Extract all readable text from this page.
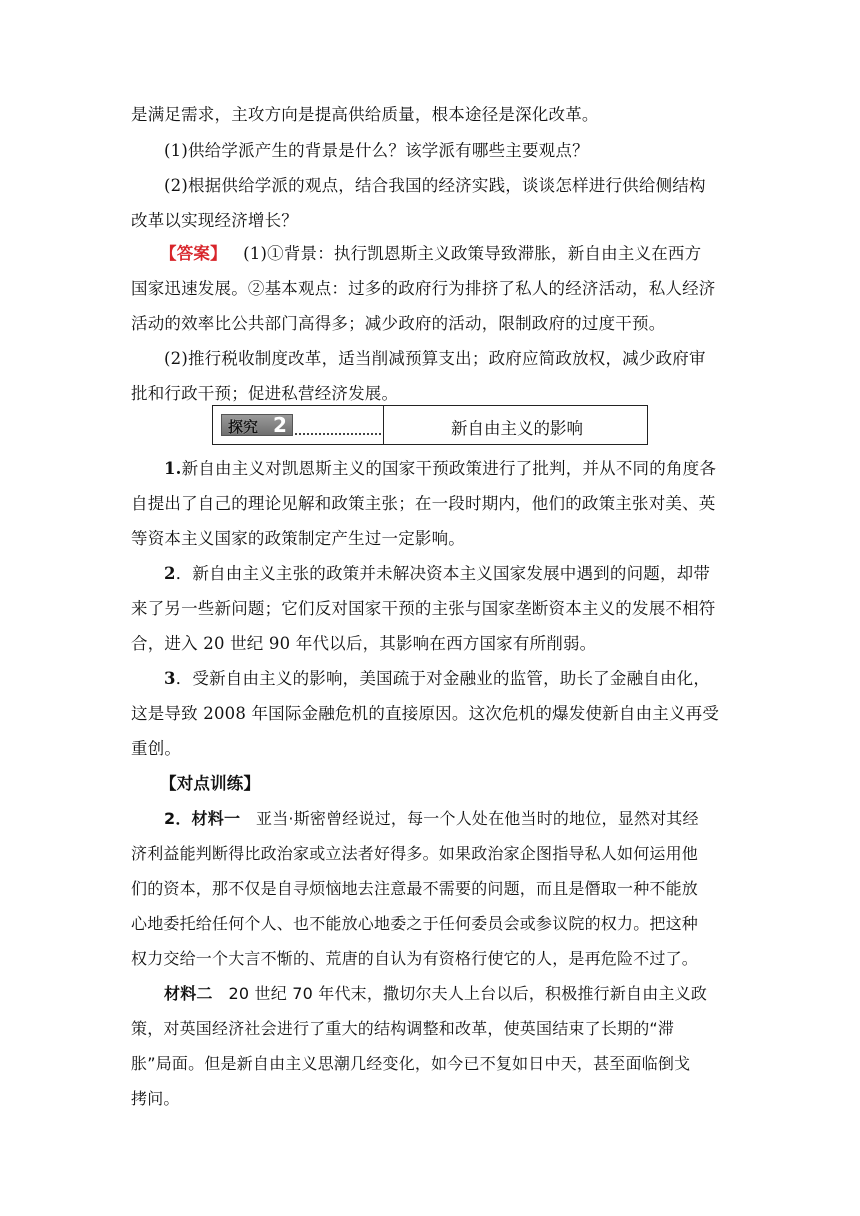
是满足需求，主攻方向是提高供给质量，根本途径是深化改革。
(1)供给学派产生的背景是什么？该学派有哪些主要观点？
(2)根据供给学派的观点，结合我国的经济实践，谈谈怎样进行供给侧结构
改革以实现经济增长？
【答案】 (1)①背景：执行凯恩斯主义政策导致滞胀，新自由主义在西方
国家迅速发展。②基本观点：过多的政府行为排挤了私人的经济活动，私人经济
活动的效率比公共部门高得多；减少政府的活动，限制政府的过度干预。
(2)推行税收制度改革，适当削减预算支出；政府应简政放权，减少政府审
批和行政干预；促进私营经济发展。
探究 2	新自由主义的影响
1.新自由主义对凯恩斯主义的国家干预政策进行了批判，并从不同的角度各
自提出了自己的理论见解和政策主张；在一段时期内，他们的政策主张对美、英
等资本主义国家的政策制定产生过一定影响。
2．新自由主义主张的政策并未解决资本主义国家发展中遇到的问题，却带
来了另一些新问题；它们反对国家干预的主张与国家垄断资本主义的发展不相符
合，进入 20 世纪 90 年代以后，其影响在西方国家有所削弱。
3．受新自由主义的影响，美国疏于对金融业的监管，助长了金融自由化，
这是导致 2008 年国际金融危机的直接原因。这次危机的爆发使新自由主义再受
重创。
【对点训练】
2．材料一 亚当·斯密曾经说过，每一个人处在他当时的地位，显然对其经
济利益能判断得比政治家或立法者好得多。如果政治家企图指导私人如何运用他
们的资本，那不仅是自寻烦恼地去注意最不需要的问题，而且是僭取一种不能放
心地委托给任何个人、也不能放心地委之于任何委员会或参议院的权力。把这种
权力交给一个大言不惭的、荒唐的自认为有资格行使它的人，是再危险不过了。
材料二 20 世纪 70 年代末，撒切尔夫人上台以后，积极推行新自由主义政
策，对英国经济社会进行了重大的结构调整和改革，使英国结束了长期的“滞
胀”局面。但是新自由主义思潮几经变化，如今已不复如日中天，甚至面临倒戈
拷问。
